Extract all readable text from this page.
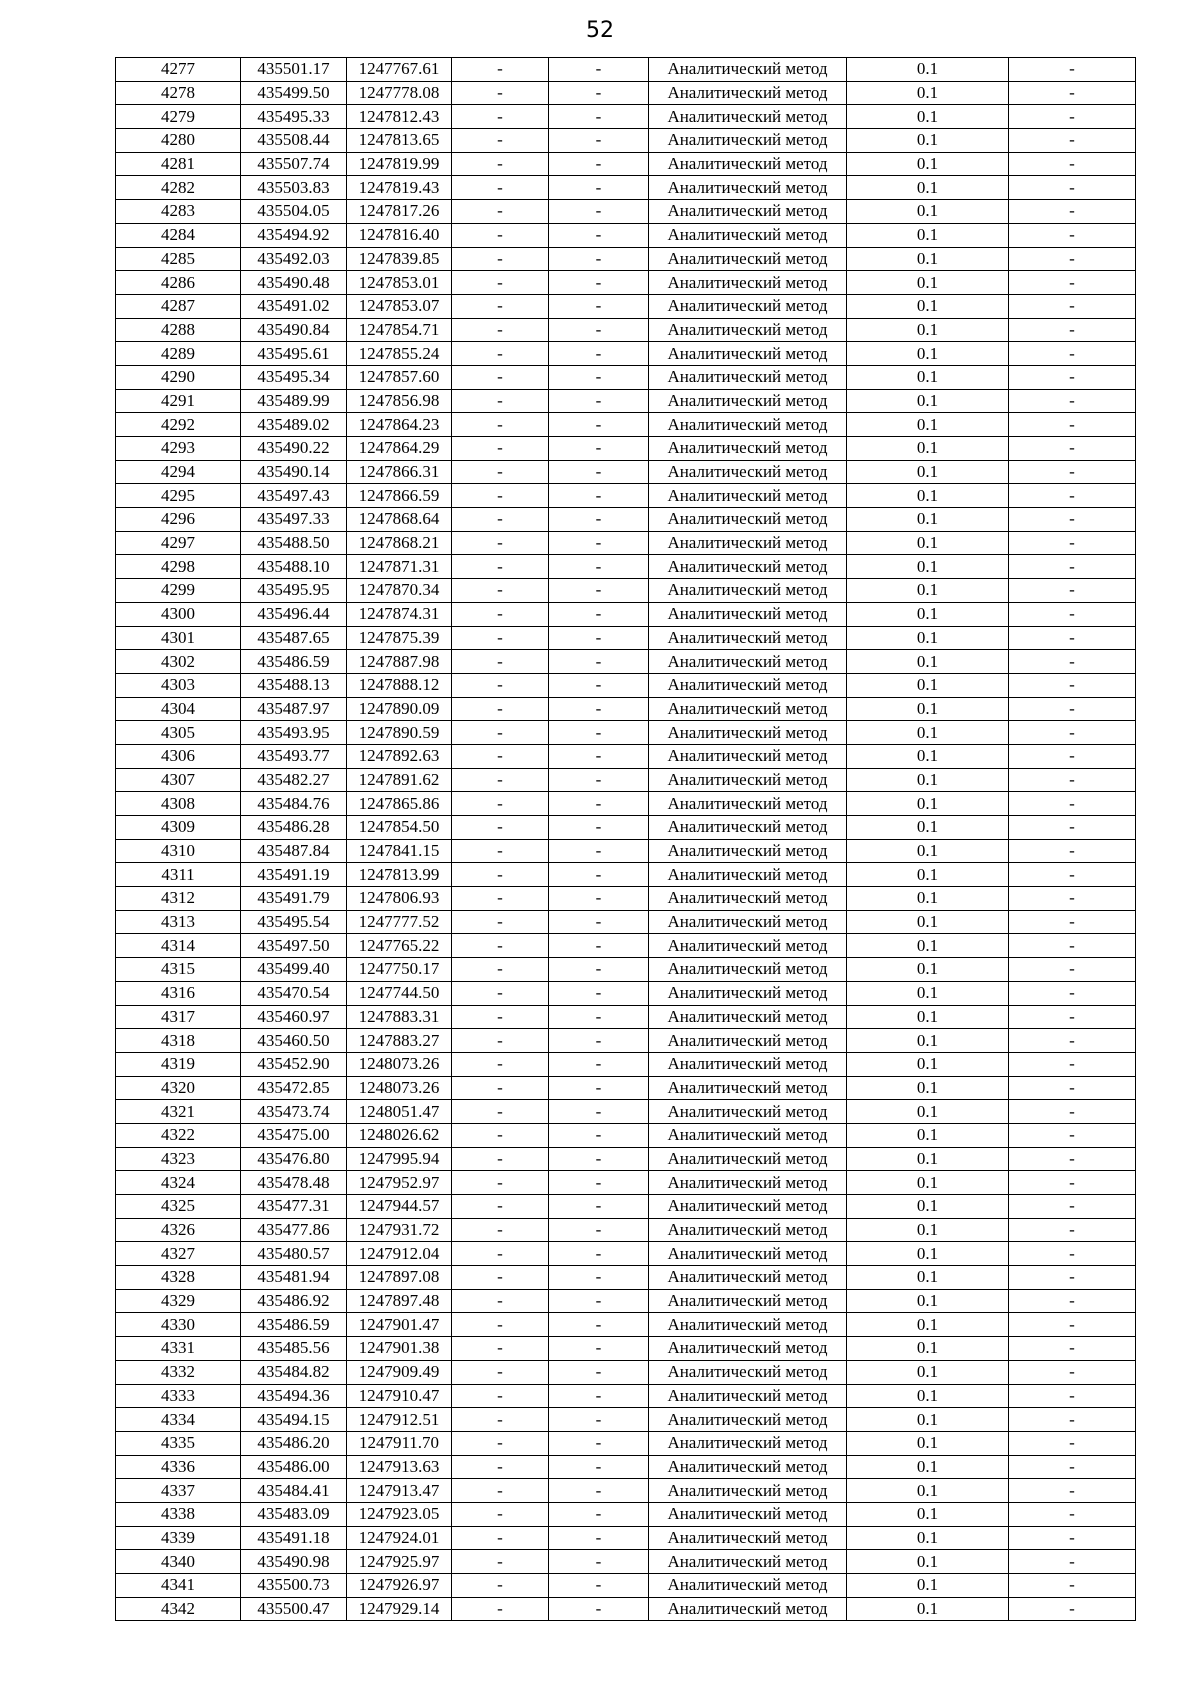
52
4277	435501.17	1247767.61	-	-	Аналитический метод	0.1	-
4278	435499.50	1247778.08	-	-	Аналитический метод	0.1	-
4279	435495.33	1247812.43	-	-	Аналитический метод	0.1	-
4280	435508.44	1247813.65	-	-	Аналитический метод	0.1	-
4281	435507.74	1247819.99	-	-	Аналитический метод	0.1	-
4282	435503.83	1247819.43	-	-	Аналитический метод	0.1	-
4283	435504.05	1247817.26	-	-	Аналитический метод	0.1	-
4284	435494.92	1247816.40	-	-	Аналитический метод	0.1	-
4285	435492.03	1247839.85	-	-	Аналитический метод	0.1	-
4286	435490.48	1247853.01	-	-	Аналитический метод	0.1	-
4287	435491.02	1247853.07	-	-	Аналитический метод	0.1	-
4288	435490.84	1247854.71	-	-	Аналитический метод	0.1	-
4289	435495.61	1247855.24	-	-	Аналитический метод	0.1	-
4290	435495.34	1247857.60	-	-	Аналитический метод	0.1	-
4291	435489.99	1247856.98	-	-	Аналитический метод	0.1	-
4292	435489.02	1247864.23	-	-	Аналитический метод	0.1	-
4293	435490.22	1247864.29	-	-	Аналитический метод	0.1	-
4294	435490.14	1247866.31	-	-	Аналитический метод	0.1	-
4295	435497.43	1247866.59	-	-	Аналитический метод	0.1	-
4296	435497.33	1247868.64	-	-	Аналитический метод	0.1	-
4297	435488.50	1247868.21	-	-	Аналитический метод	0.1	-
4298	435488.10	1247871.31	-	-	Аналитический метод	0.1	-
4299	435495.95	1247870.34	-	-	Аналитический метод	0.1	-
4300	435496.44	1247874.31	-	-	Аналитический метод	0.1	-
4301	435487.65	1247875.39	-	-	Аналитический метод	0.1	-
4302	435486.59	1247887.98	-	-	Аналитический метод	0.1	-
4303	435488.13	1247888.12	-	-	Аналитический метод	0.1	-
4304	435487.97	1247890.09	-	-	Аналитический метод	0.1	-
4305	435493.95	1247890.59	-	-	Аналитический метод	0.1	-
4306	435493.77	1247892.63	-	-	Аналитический метод	0.1	-
4307	435482.27	1247891.62	-	-	Аналитический метод	0.1	-
4308	435484.76	1247865.86	-	-	Аналитический метод	0.1	-
4309	435486.28	1247854.50	-	-	Аналитический метод	0.1	-
4310	435487.84	1247841.15	-	-	Аналитический метод	0.1	-
4311	435491.19	1247813.99	-	-	Аналитический метод	0.1	-
4312	435491.79	1247806.93	-	-	Аналитический метод	0.1	-
4313	435495.54	1247777.52	-	-	Аналитический метод	0.1	-
4314	435497.50	1247765.22	-	-	Аналитический метод	0.1	-
4315	435499.40	1247750.17	-	-	Аналитический метод	0.1	-
4316	435470.54	1247744.50	-	-	Аналитический метод	0.1	-
4317	435460.97	1247883.31	-	-	Аналитический метод	0.1	-
4318	435460.50	1247883.27	-	-	Аналитический метод	0.1	-
4319	435452.90	1248073.26	-	-	Аналитический метод	0.1	-
4320	435472.85	1248073.26	-	-	Аналитический метод	0.1	-
4321	435473.74	1248051.47	-	-	Аналитический метод	0.1	-
4322	435475.00	1248026.62	-	-	Аналитический метод	0.1	-
4323	435476.80	1247995.94	-	-	Аналитический метод	0.1	-
4324	435478.48	1247952.97	-	-	Аналитический метод	0.1	-
4325	435477.31	1247944.57	-	-	Аналитический метод	0.1	-
4326	435477.86	1247931.72	-	-	Аналитический метод	0.1	-
4327	435480.57	1247912.04	-	-	Аналитический метод	0.1	-
4328	435481.94	1247897.08	-	-	Аналитический метод	0.1	-
4329	435486.92	1247897.48	-	-	Аналитический метод	0.1	-
4330	435486.59	1247901.47	-	-	Аналитический метод	0.1	-
4331	435485.56	1247901.38	-	-	Аналитический метод	0.1	-
4332	435484.82	1247909.49	-	-	Аналитический метод	0.1	-
4333	435494.36	1247910.47	-	-	Аналитический метод	0.1	-
4334	435494.15	1247912.51	-	-	Аналитический метод	0.1	-
4335	435486.20	1247911.70	-	-	Аналитический метод	0.1	-
4336	435486.00	1247913.63	-	-	Аналитический метод	0.1	-
4337	435484.41	1247913.47	-	-	Аналитический метод	0.1	-
4338	435483.09	1247923.05	-	-	Аналитический метод	0.1	-
4339	435491.18	1247924.01	-	-	Аналитический метод	0.1	-
4340	435490.98	1247925.97	-	-	Аналитический метод	0.1	-
4341	435500.73	1247926.97	-	-	Аналитический метод	0.1	-
4342	435500.47	1247929.14	-	-	Аналитический метод	0.1	-
